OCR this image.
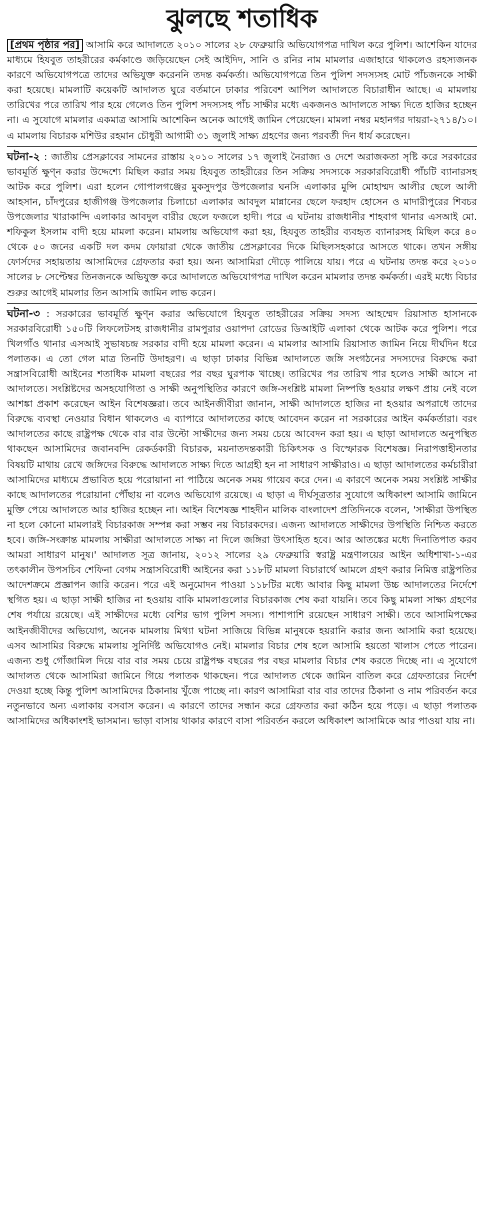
ঝুলছে শতাধিক

[প্রথম পৃষ্ঠার পর] আসামি করে আদালতে ২০১০ সালের ২৮ ফেব্রুয়ারি অভিযোগপত্র দাখিল করে পুলিশ। আশেকিন যাদের মাধ্যমে হিযবুত তাহরীরের কর্মকাণ্ডে জড়িয়েছেন সেই আইদিদ, সানি ও রনির নাম মামলার এজাহারে থাকলেও রহস্যজনক কারণে অভিযোগপত্রে তাদের অভিযুক্ত করেননি তদন্ত কর্মকর্তা। অভিযোগপত্রে তিন পুলিশ সদস্যসহ মোট পাঁচজনকে সাক্ষী করা হয়েছে। মামলাটি কয়েকটি আদালত ঘুরে বর্তমানে ঢাকার পরিবেশ আপিল আদালতে বিচারাধীন আছে। এ মামলায় তারিখের পরে তারিখ পার হয়ে গেলেও তিন পুলিশ সদস্যসহ পাঁচ সাক্ষীর মধ্যে একজনও আদালতে সাক্ষ্য দিতে হাজির হচ্ছেন না। এ সুযোগে মামলার একমাত্র আসামি আশেকিন অনেক আগেই জামিন পেয়েছেন। মামলা নম্বর মহানগর দায়রা-২৭১৪/১০। এ মামলায় বিচারক মশিউর রহমান চৌধুরী আগামী ৩১ জুলাই সাক্ষ্য গ্রহণের জন্য পরবর্তী দিন ধার্য করেছেন।

ঘটনা-২ : জাতীয় প্রেসক্লাবের সামনের রাস্তায় ২০১০ সালের ১৭ জুলাই নৈরাজ্য ও দেশে অরাজকতা সৃষ্টি করে সরকারের ভাবমূর্তি ক্ষুণ্ন করার উদ্দেশ্যে মিছিল করার সময় হিযবুত তাহরীরের তিন সক্রিয় সদস্যকে সরকারবিরোধী পাঁচটি ব্যানারসহ আটক করে পুলিশ। এরা হলেন গোপালগঞ্জের মুকসুদপুর উপজেলার ঘনসি এলাকার মুন্সি মোহাম্মদ আলীর ছেলে আলী আহসান, চাঁদপুরের হাজীগঞ্জ উপজেলার চিলাচো এলাকার আবদুল মান্নানের ছেলে ফরহাদ হোসেন ও মাদারীপুরের শিবচর উপজেলার খারাকান্দি এলাকার আবদুল বারীর ছেলে ফজলে হাদী। পরে এ ঘটনায় রাজধানীর শাহবাগ থানার এসআই মো. শফিকুল ইসলাম বাদী হয়ে মামলা করেন। মামলায় অভিযোগ করা হয়, হিযবুত তাহরীর ব্যবহৃত ব্যানারসহ মিছিল করে ৪০ থেকে ৫০ জনের একটি দল কদম ফোয়ারা থেকে জাতীয় প্রেসক্লাবের দিকে মিছিলসহকারে আসতে থাকে। তখন সঙ্গীয় ফোর্সদের সহায়তায় আসামিদের গ্রেফতার করা হয়। অন্য আসামিরা দৌড়ে পালিয়ে যায়। পরে এ ঘটনায় তদন্ত করে ২০১০ সালের ৮ সেপ্টেম্বর তিনজনকে অভিযুক্ত করে আদালতে অভিযোগপত্র দাখিল করেন মামলার তদন্ত কর্মকর্তা। এরই মধ্যে বিচার শুরুর আগেই মামলার তিন আসামি জামিন লাভ করেন।

ঘটনা-৩ : সরকারের ভাবমূর্তি ক্ষুণ্ন করার অভিযোগে হিযবুত তাহরীরের সক্রিয় সদস্য আহম্মেদ রিয়াসাত হাসানকে সরকারবিরোধী ১৫০টি লিফলেটসহ রাজধানীর রামপুরার ওয়াপদা রোডের ডিআইটি এলাকা থেকে আটক করে পুলিশ। পরে খিলগাঁও থানার এসআই সুভাষচন্দ্র সরকার বাদী হয়ে মামলা করেন। এ মামলার আসামি রিয়াসাত জামিন নিয়ে দীর্ঘদিন ধরে পলাতক। এ তো গেল মাত্র তিনটি উদাহরণ। এ ছাড়া ঢাকার বিভিন্ন আদালতে জঙ্গি সংগঠনের সদস্যদের বিরুদ্ধে করা সন্ত্রাসবিরোধী আইনের শতাধিক মামলা বছরের পর বছর ঘুরপাক খাচ্ছে। তারিখের পর তারিখ পার হলেও সাক্ষী আসে না আদালতে। সংশ্লিষ্টদের অসহযোগিতা ও সাক্ষী অনুপস্থিতির কারণে জঙ্গি-সংশ্লিষ্ট মামলা নিষ্পত্তি হওয়ার লক্ষণ প্রায় নেই বলে আশঙ্কা প্রকাশ করেছেন আইন বিশেষজ্ঞরা। তবে আইনজীবীরা জানান, সাক্ষী আদালতে হাজির না হওয়ার অপরাধে তাদের বিরুদ্ধে ব্যবস্থা নেওয়ার বিধান থাকলেও এ ব্যাপারে আদালতের কাছে আবেদন করেন না সরকারের আইন কর্মকর্তারা। বরং আদালতের কাছে রাষ্ট্রপক্ষ থেকে বার বার উল্টো সাক্ষীদের জন্য সময় চেয়ে আবেদন করা হয়। এ ছাড়া আদালতে অনুপস্থিত থাকছেন আসামিদের জবানবন্দি রেকর্ডকারী বিচারক, ময়নাতদন্তকারী চিকিৎসক ও বিস্ফোরক বিশেষজ্ঞ। নিরাপত্তাহীনতার বিষয়টি মাথায় রেখে জঙ্গিদের বিরুদ্ধে আদালতে সাক্ষ্য দিতে আগ্রহী হন না সাধারণ সাক্ষীরাও। এ ছাড়া আদালতের কর্মচারীরা আসামিদের মাধ্যমে প্রভাবিত হয়ে পরোয়ানা না পাঠিয়ে অনেক সময় গায়েব করে দেন। এ কারণে অনেক সময় সংশ্লিষ্ট সাক্ষীর কাছে আদালতের পরোয়ানা পৌঁছায় না বলেও অভিযোগ রয়েছে। এ ছাড়া এ দীর্ঘসূত্রতার সুযোগে অধিকাংশ আসামি জামিনে মুক্তি পেয়ে আদালতে আর হাজির হচ্ছেন না। আইন বিশেষজ্ঞ শাহদীন মালিক বাংলাদেশ প্রতিদিনকে বলেন, 'সাক্ষীরা উপস্থিত না হলে কোনো মামলারই বিচারকাজ সম্পন্ন করা সম্ভব নয় বিচারকদের। এজন্য আদালতে সাক্ষীদের উপস্থিতি নিশ্চিত করতে হবে। জঙ্গি-সংক্রান্ত মামলায় সাক্ষীরা আদালতে সাক্ষ্য না দিলে জঙ্গিরা উৎসাহিত হবে। আর আতঙ্কের মধ্যে দিনাতিপাত করব আমরা সাধারণ মানুষ।' আদালত সূত্র জানায়, ২০১২ সালের ২৯ ফেব্রুয়ারি স্বরাষ্ট্র মন্ত্রণালয়ের আইন অধিশাখা-১-এর তৎকালীন উপসচিব শেফিনা বেগম সন্ত্রাসবিরোধী আইনের করা ১১৮টি মামলা বিচারার্থে আমলে গ্রহণ করার নিমিত্ত রাষ্ট্রপতির আদেশক্রমে প্রজ্ঞাপন জারি করেন। পরে এই অনুমোদন পাওয়া ১১৮টির মধ্যে আবার কিছু মামলা উচ্চ আদালতের নির্দেশে স্থগিত হয়। এ ছাড়া সাক্ষী হাজির না হওয়ায় বাকি মামলাগুলোর বিচারকাজ শেষ করা যায়নি। তবে কিছু মামলা সাক্ষ্য গ্রহণের শেষ পর্যায়ে রয়েছে। এই সাক্ষীদের মধ্যে বেশির ভাগ পুলিশ সদস্য। পাশাপাশি রয়েছেন সাধারণ সাক্ষী। তবে আসামিপক্ষের আইনজীবীদের অভিযোগ, অনেক মামলায় মিথ্যা ঘটনা সাজিয়ে বিভিন্ন মানুষকে হয়রানি করার জন্য আসামি করা হয়েছে। এসব আসামির বিরুদ্ধে মামলায় সুনির্দিষ্ট অভিযোগও নেই। মামলার বিচার শেষ হলে আসামি হয়তো খালাস পেতে পারেন। এজন্য শুধু গোঁজামিল দিয়ে বার বার সময় চেয়ে রাষ্ট্রপক্ষ বছরের পর বছর মামলার বিচার শেষ করতে দিচ্ছে না। এ সুযোগে আদালত থেকে আসামিরা জামিনে গিয়ে পলাতক থাকছেন। পরে আদালত থেকে জামিন বাতিল করে গ্রেফতারের নির্দেশ দেওয়া হচ্ছে কিন্তু পুলিশ আসামিদের ঠিকানায় খুঁজে পাচ্ছে না। কারণ আসামিরা বার বার তাদের ঠিকানা ও নাম পরিবর্তন করে নতুনভাবে অন্য এলাকায় বসবাস করেন। এ কারণে তাদের সন্ধান করে গ্রেফতার করা কঠিন হয়ে পড়ে। এ ছাড়া পলাতক আসামিদের অধিকাংশই ভাসমান। ভাড়া বাসায় থাকার কারণে বাসা পরিবর্তন করলে অধিকাংশ আসামিকে আর পাওয়া যায় না।
